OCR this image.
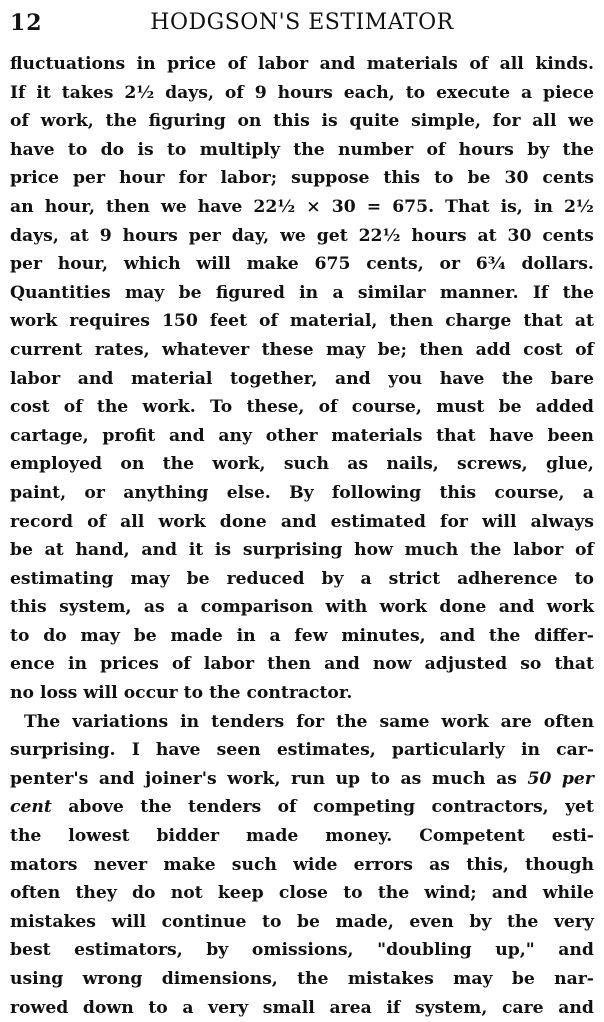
12	HODGSON'S ESTIMATOR
fluctuations in price of labor and materials of all kinds.
If it takes 2½ days, of 9 hours each, to execute a piece
of work, the figuring on this is quite simple, for all we
have to do is to multiply the number of hours by the
price per hour for labor; suppose this to be 30 cents
an hour, then we have 22½ × 30 = 675. That is, in 2½
days, at 9 hours per day, we get 22½ hours at 30 cents
per hour, which will make 675 cents, or 6¾ dollars.
Quantities may be figured in a similar manner. If the
work requires 150 feet of material, then charge that at
current rates, whatever these may be; then add cost of
labor and material together, and you have the bare
cost of the work. To these, of course, must be added
cartage, profit and any other materials that have been
employed on the work, such as nails, screws, glue,
paint, or anything else. By following this course, a
record of all work done and estimated for will always
be at hand, and it is surprising how much the labor of
estimating may be reduced by a strict adherence to
this system, as a comparison with work done and work
to do may be made in a few minutes, and the differ-
ence in prices of labor then and now adjusted so that
no loss will occur to the contractor.
The variations in tenders for the same work are often
surprising. I have seen estimates, particularly in car-
penter's and joiner's work, run up to as much as 50 per
cent above the tenders of competing contractors, yet
the lowest bidder made money. Competent esti-
mators never make such wide errors as this, though
often they do not keep close to the wind; and while
mistakes will continue to be made, even by the very
best estimators, by omissions, "doubling up," and
using wrong dimensions, the mistakes may be nar-
rowed down to a very small area if system, care and
